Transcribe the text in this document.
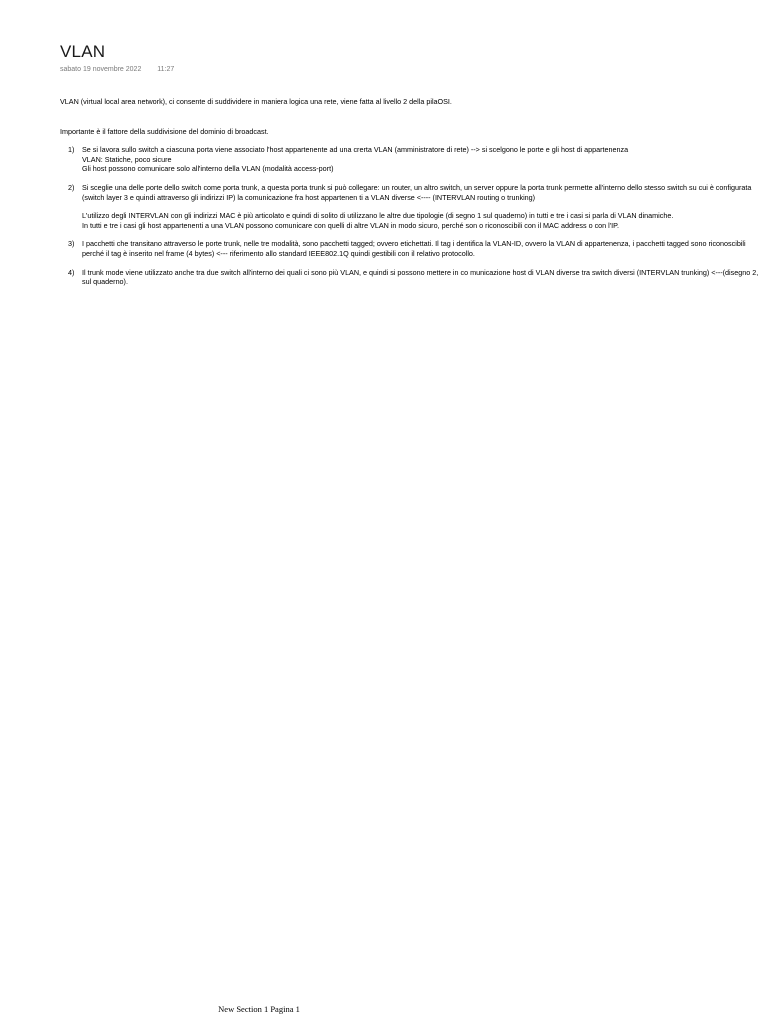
VLAN
sabato 19 novembre 2022 11:27

VLAN (virtual local area network), ci consente di suddividere in maniera logica una rete, viene fatta al livello 2 della pilaOSI.

Importante è il fattore della suddivisione del dominio di broadcast.

1) Se si lavora sullo switch a ciascuna porta viene associato l'host appartenente ad una crerta VLAN (amministratore di rete) --> si scelgono le porte e gli host di appartenenza
VLAN: Statiche, poco sicure
Gli host possono comunicare solo all'interno della VLAN (modalità access-port)
2) Si sceglie una delle porte dello switch come porta trunk, a questa porta trunk si può collegare: un router, un altro switch, un server oppure la porta trunk permette all'interno dello stesso switch su cui è configurata (switch layer 3 e quindi attraverso gli indirizzi IP) la comunicazione fra host appartenen ti a VLAN diverse <---- (INTERVLAN routing o trunking)
L'utilizzo degli INTERVLAN con gli indirizzi MAC è più articolato e quindi di solito di utilizzano le altre due tipologie (di segno 1 sul quaderno) in tutti e tre i casi si parla di VLAN dinamiche.
In tutti e tre i casi gli host appartenenti a una VLAN possono comunicare con quelli di altre VLAN in modo sicuro, perché son o riconoscibili con il MAC address o con l'IP.
3) I pacchetti che transitano attraverso le porte trunk, nelle tre modalità, sono pacchetti tagged; ovvero etichettati. Il tag i dentifica la VLAN-ID, ovvero la VLAN di appartenenza, i pacchetti tagged sono riconoscibili perché il tag è inserito nel frame (4 bytes) <--- riferimento allo standard IEEE802.1Q quindi gestibili con il relativo protocollo.
4) Il trunk mode viene utilizzato anche tra due switch all'interno dei quali ci sono più VLAN, e quindi si possono mettere in co municazione host di VLAN diverse tra switch diversi (INTERVLAN trunking) <---(disegno 2, sul quaderno).
New Section 1 Pagina 1
